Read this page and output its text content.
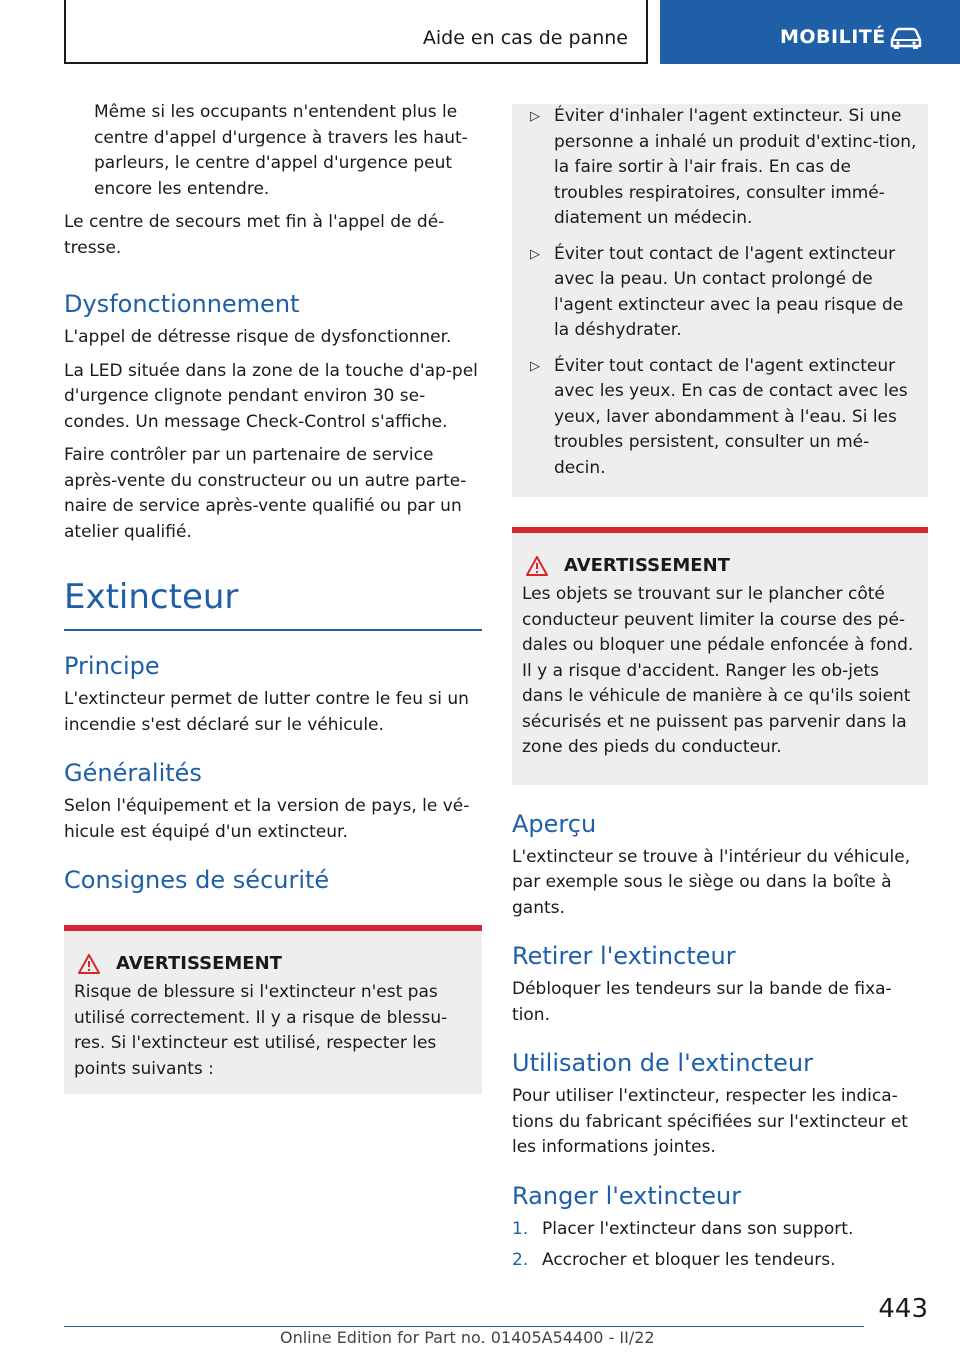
Aide en cas de panne	MOBILITÉ

Même si les occupants n'entendent plus le centre d'appel d'urgence à travers les haut-parleurs, le centre d'appel d'urgence peut encore les entendre.

Le centre de secours met fin à l'appel de dé-tresse.

Dysfonctionnement

L'appel de détresse risque de dysfonctionner.

La LED située dans la zone de la touche d'ap-pel d'urgence clignote pendant environ 30 se-condes. Un message Check-Control s'affiche.

Faire contrôler par un partenaire de service après-vente du constructeur ou un autre parte-naire de service après-vente qualifié ou par un atelier qualifié.

Extincteur
Principe

L'extincteur permet de lutter contre le feu si un incendie s'est déclaré sur le véhicule.

Généralités

Selon l'équipement et la version de pays, le vé-hicule est équipé d'un extincteur.

Consignes de sécurité
AVERTISSEMENT

Risque de blessure si l'extincteur n'est pas utilisé correctement. Il y a risque de blessu-res. Si l'extincteur est utilisé, respecter les points suivants :

▷ Éviter d'inhaler l'agent extincteur. Si une personne a inhalé un produit d'extinc-tion, la faire sortir à l'air frais. En cas de troubles respiratoires, consulter immé-diatement un médecin.
▷ Éviter tout contact de l'agent extincteur avec la peau. Un contact prolongé de l'agent extincteur avec la peau risque de la déshydrater.
▷ Éviter tout contact de l'agent extincteur avec les yeux. En cas de contact avec les yeux, laver abondamment à l'eau. Si les troubles persistent, consulter un mé-decin.
AVERTISSEMENT

Les objets se trouvant sur le plancher côté conducteur peuvent limiter la course des pé-dales ou bloquer une pédale enfoncée à fond. Il y a risque d'accident. Ranger les ob-jets dans le véhicule de manière à ce qu'ils soient sécurisés et ne puissent pas parvenir dans la zone des pieds du conducteur.

Aperçu

L'extincteur se trouve à l'intérieur du véhicule, par exemple sous le siège ou dans la boîte à gants.

Retirer l'extincteur

Débloquer les tendeurs sur la bande de fixa-tion.

Utilisation de l'extincteur

Pour utiliser l'extincteur, respecter les indica-tions du fabricant spécifiées sur l'extincteur et les informations jointes.

Ranger l'extincteur
1. Placer l'extincteur dans son support.
2. Accrocher et bloquer les tendeurs.
443
Online Edition for Part no. 01405A54400 - II/22
